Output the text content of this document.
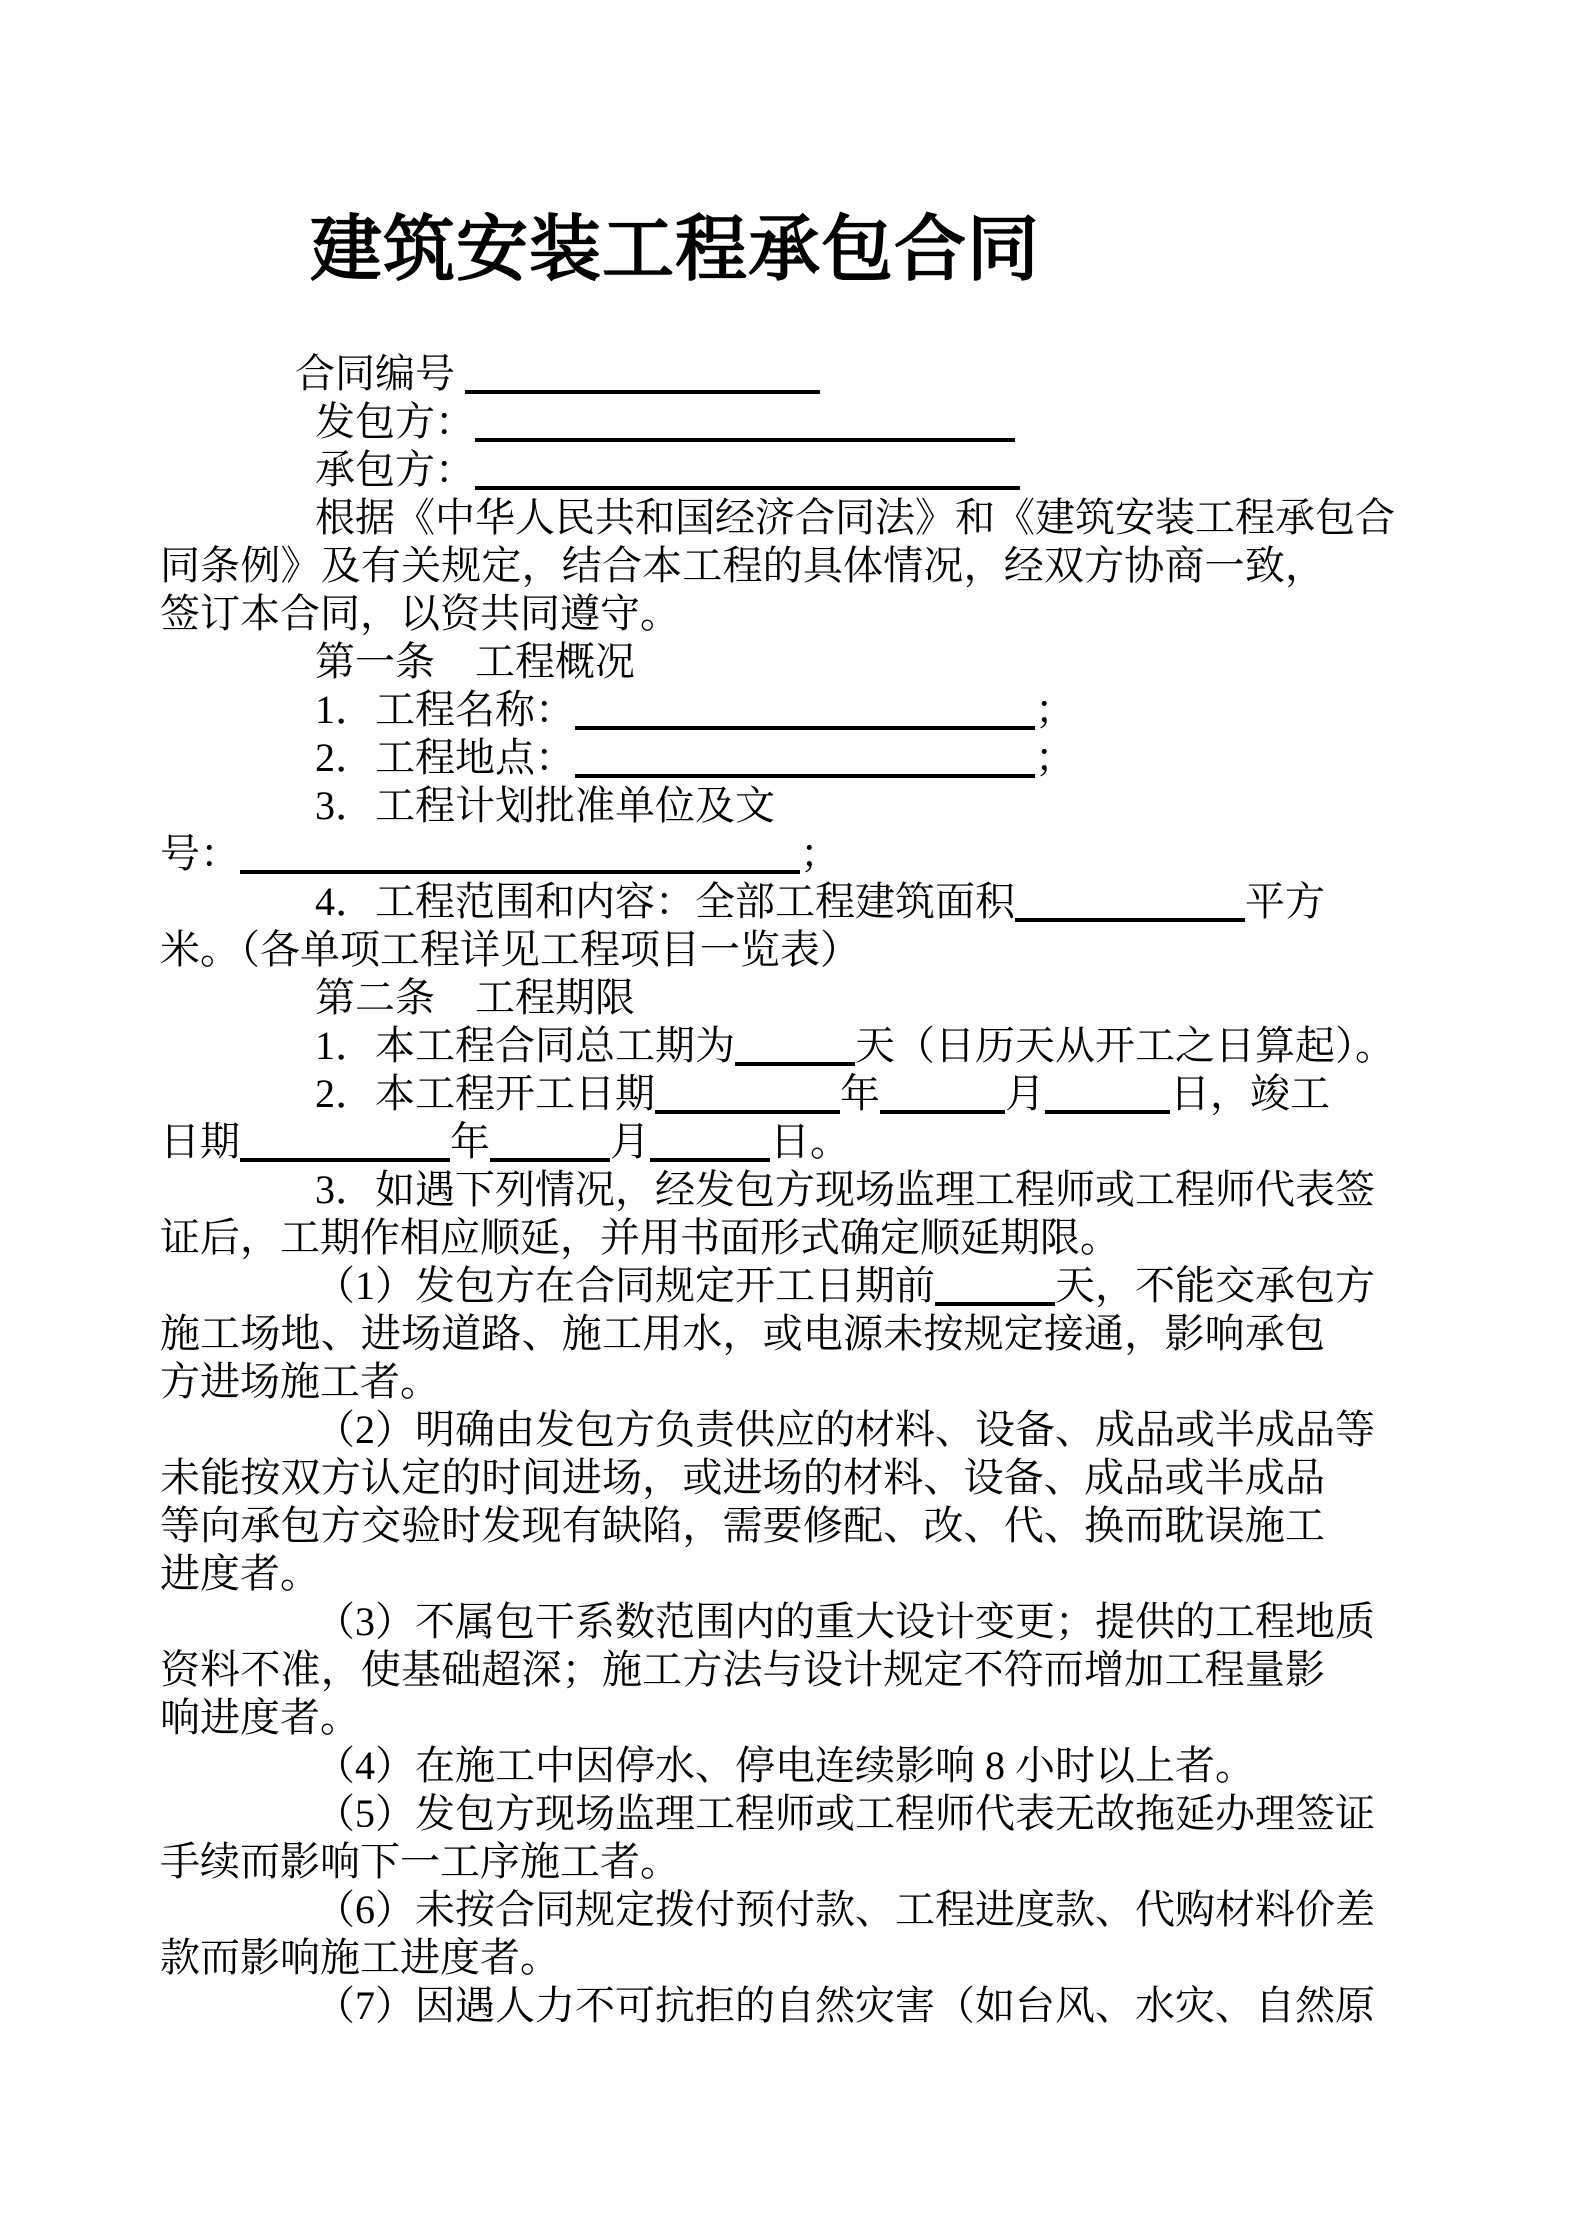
建筑安装工程承包合同
合同编号
发包方：
承包方：
根据《中华人民共和国经济合同法》和《建筑安装工程承包合
同条例》及有关规定，结合本工程的具体情况，经双方协商一致，
签订本合同，以资共同遵守。
第一条　工程概况
1．工程名称：	；
2．工程地点：	；
3．工程计划批准单位及文
号：	；
4．工程范围和内容：全部工程建筑面积	平方
米。（各单项工程详见工程项目一览表）
第二条　工程期限
1．本工程合同总工期为	天（日历天从开工之日算起）。
2．本工程开工日期	年	月	日，竣工
日期	年	月	日。
3．如遇下列情况，经发包方现场监理工程师或工程师代表签
证后，工期作相应顺延，并用书面形式确定顺延期限。
（1）发包方在合同规定开工日期前	天，不能交承包方
施工场地、进场道路、施工用水，或电源未按规定接通，影响承包
方进场施工者。
（2）明确由发包方负责供应的材料、设备、成品或半成品等
未能按双方认定的时间进场，或进场的材料、设备、成品或半成品
等向承包方交验时发现有缺陷，需要修配、改、代、换而耽误施工
进度者。
（3）不属包干系数范围内的重大设计变更；提供的工程地质
资料不准，使基础超深；施工方法与设计规定不符而增加工程量影
响进度者。
（4）在施工中因停水、停电连续影响 8 小时以上者。
（5）发包方现场监理工程师或工程师代表无故拖延办理签证
手续而影响下一工序施工者。
（6）未按合同规定拨付预付款、工程进度款、代购材料价差
款而影响施工进度者。
（7）因遇人力不可抗拒的自然灾害（如台风、水灾、自然原
